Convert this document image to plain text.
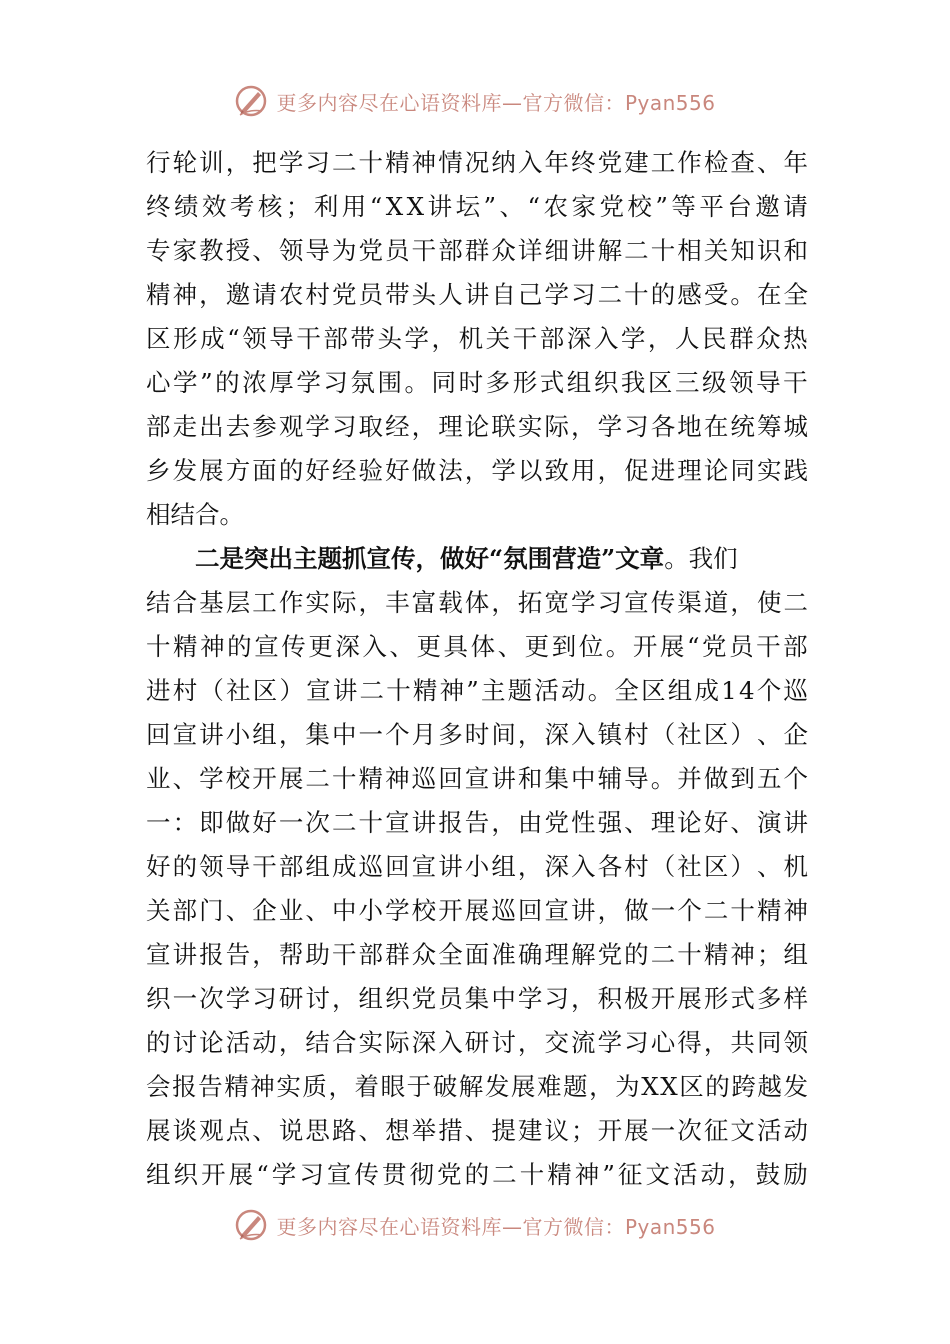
更多内容尽在心语资料库—官方微信：Pyan556
行 轮 训 ， 把 学 习 二 十 精 神 情 况 纳 入 年 终 党 建 工 作 检 查 、 年
终 绩 效 考 核 ； 利 用 “ X X 讲 坛 ” 、 “ 农 家 党 校 ” 等 平 台 邀 请
专 家 教 授 、 领 导 为 党 员 干 部 群 众 详 细 讲 解 二 十 相 关 知 识 和
精 神 ， 邀 请 农 村 党 员 带 头 人 讲 自 己 学 习 二 十 的 感 受 。 在 全
区 形 成 “ 领 导 干 部 带 头 学 ， 机 关 干 部 深 入 学 ， 人 民 群 众 热
心 学 ” 的 浓 厚 学 习 氛 围 。 同 时 多 形 式 组 织 我 区 三 级 领 导 干
部 走 出 去 参 观 学 习 取 经 ， 理 论 联 实 际 ， 学 习 各 地 在 统 筹 城
乡 发 展 方 面 的 好 经 验 好 做 法 ， 学 以 致 用 ， 促 进 理 论 同 实 践
相结合。
二是突出主题抓宣传，做好“氛围营造”文章 。我们
结 合 基 层 工 作 实 际 ， 丰 富 载 体 ， 拓 宽 学 习 宣 传 渠 道 ， 使 二
十 精 神 的 宣 传 更 深 入 、 更 具 体 、 更 到 位 。 开 展 “ 党 员 干 部
进 村 （ 社 区 ） 宣 讲 二 十 精 神 ” 主 题 活 动 。 全 区 组 成 1 4 个 巡
回 宣 讲 小 组 ， 集 中 一 个 月 多 时 间 ， 深 入 镇 村 （ 社 区 ） 、 企
业 、 学 校 开 展 二 十 精 神 巡 回 宣 讲 和 集 中 辅 导 。 并 做 到 五 个
一 ： 即 做 好 一 次 二 十 宣 讲 报 告 ， 由 党 性 强 、 理 论 好 、 演 讲
好 的 领 导 干 部 组 成 巡 回 宣 讲 小 组 ， 深 入 各 村 （ 社 区 ） 、 机
关 部 门 、 企 业 、 中 小 学 校 开 展 巡 回 宣 讲 ， 做 一 个 二 十 精 神
宣 讲 报 告 ， 帮 助 干 部 群 众 全 面 准 确 理 解 党 的 二 十 精 神 ； 组
织 一 次 学 习 研 讨 ， 组 织 党 员 集 中 学 习 ， 积 极 开 展 形 式 多 样
的 讨 论 活 动 ， 结 合 实 际 深 入 研 讨 ， 交 流 学 习 心 得 ， 共 同 领
会 报 告 精 神 实 质 ， 着 眼 于 破 解 发 展 难 题 ， 为 X X 区 的 跨 越 发
展 谈 观 点 、 说 思 路 、 想 举 措 、 提 建 议 ； 开 展 一 次 征 文 活 动
组 织 开 展 “ 学 习 宣 传 贯 彻 党 的 二 十 精 神 ” 征 文 活 动 ， 鼓 励
更多内容尽在心语资料库—官方微信：Pyan556
